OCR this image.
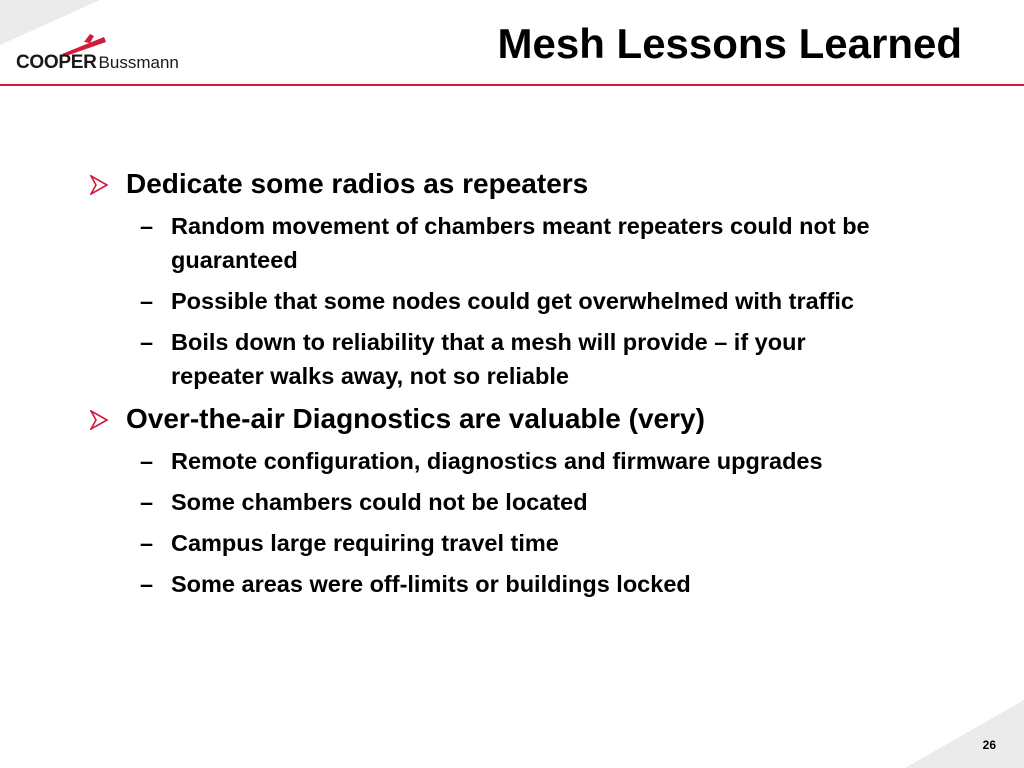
COOPER Bussmann	Mesh Lessons Learned
Dedicate some radios as repeaters
– Random movement of chambers meant repeaters could not be guaranteed
– Possible that some nodes could get overwhelmed with traffic
– Boils down to reliability that a mesh will provide – if your repeater walks away, not so reliable
Over-the-air Diagnostics are valuable (very)
– Remote configuration, diagnostics and firmware upgrades
– Some chambers could not be located
– Campus large requiring travel time
– Some areas were off-limits or buildings locked
26
